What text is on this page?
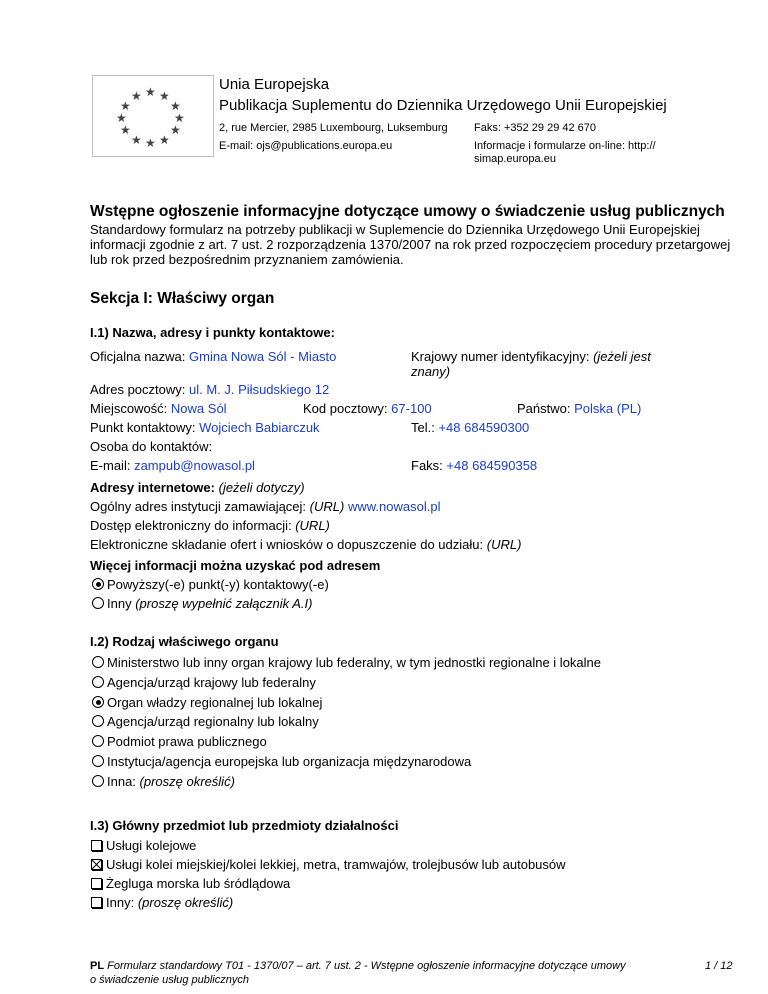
★ ★
★
★
★
★
★
★
★
★
★
★
Unia Europejska
Publikacja Suplementu do Dziennika Urzędowego Unii Europejskiej
2, rue Mercier, 2985 Luxembourg, Luksemburg Faks: +352 29 29 42 670
E-mail: ojs@publications.europa.eu	Informacje i formularze on-line: http://
simap.europa.eu
Wstępne ogłoszenie informacyjne dotyczące umowy o świadczenie usług publicznych
Standardowy formularz na potrzeby publikacji w Suplemencie do Dziennika Urzędowego Unii Europejskiej
informacji zgodnie z art. 7 ust. 2 rozporządzenia 1370/2007 na rok przed rozpoczęciem procedury przetargowej
lub rok przed bezpośrednim przyznaniem zamówienia.
Sekcja I: Właściwy organ
I.1) Nazwa, adresy i punkty kontaktowe:
Oficjalna nazwa: Gmina Nowa Sól - Miasto	Krajowy numer identyfikacyjny: (jeżeli jest
znany)
Adres pocztowy: ul. M. J. Piłsudskiego 12
Miejscowość: Nowa Sól	Kod pocztowy: 67-100	Państwo: Polska (PL)
Punkt kontaktowy: Wojciech Babiarczuk	Tel.: +48 684590300
Osoba do kontaktów:
E-mail: zampub@nowasol.pl	Faks: +48 684590358
Adresy internetowe: (jeżeli dotyczy)
Ogólny adres instytucji zamawiającej: (URL) www.nowasol.pl
Dostęp elektroniczny do informacji: (URL)
Elektroniczne składanie ofert i wniosków o dopuszczenie do udziału: (URL)
Więcej informacji można uzyskać pod adresem
Powyższy(-e) punkt(-y) kontaktowy(-e)
Inny (proszę wypełnić załącznik A.I)
I.2) Rodzaj właściwego organu
Ministerstwo lub inny organ krajowy lub federalny, w tym jednostki regionalne i lokalne
Agencja/urząd krajowy lub federalny
Organ władzy regionalnej lub lokalnej
Agencja/urząd regionalny lub lokalny
Podmiot prawa publicznego
Instytucja/agencja europejska lub organizacja międzynarodowa
Inna: (proszę określić)
I.3) Główny przedmiot lub przedmioty działalności
Usługi kolejowe
Usługi kolei miejskiej/kolei lekkiej, metra, tramwajów, trolejbusów lub autobusów
Żegluga morska lub śródlądowa
Inny: (proszę określić)
PL Formularz standardowy T01 - 1370/07 – art. 7 ust. 2 - Wstępne ogłoszenie informacyjne dotyczące umowy
o świadczenie usług publicznych
1 / 12
